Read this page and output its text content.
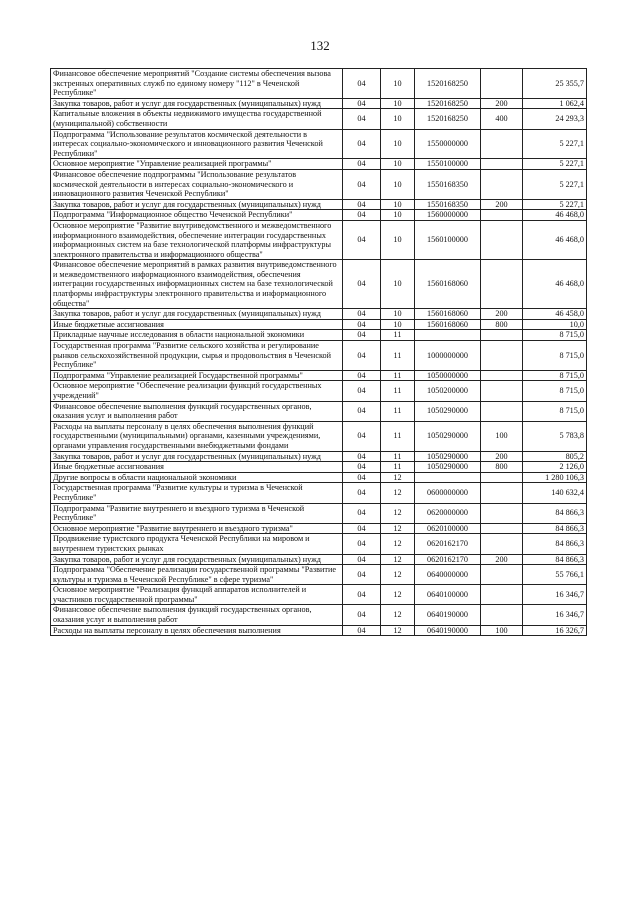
132
Финансовое обеспечение мероприятий "Создание системы обеспечения вызова экстренных оперативных служб по единому номеру "112" в Чеченской Республике"	04	10	1520168250		25 355,7
Закупка товаров, работ и услуг для государственных (муниципальных) нужд	04	10	1520168250	200	1 062,4
Капитальные вложения в объекты недвижимого имущества государственной (муниципальной) собственности	04	10	1520168250	400	24 293,3
Подпрограмма "Использование результатов космической деятельности в интересах социально-экономического и инновационного развития Чеченской Республики"	04	10	1550000000		5 227,1
Основное мероприятие "Управление реализацией программы"	04	10	1550100000		5 227,1
Финансовое обеспечение подпрограммы "Использование результатов космической деятельности в интересах социально-экономического и инновационного развития Чеченской Республики"	04	10	1550168350		5 227,1
Закупка товаров, работ и услуг для государственных (муниципальных) нужд	04	10	1550168350	200	5 227,1
Подпрограмма "Информационное общество Чеченской Республики"	04	10	1560000000		46 468,0
Основное мероприятие "Развитие внутриведомственного и межведомственного информационного взаимодействия, обеспечение интеграции государственных информационных систем на базе технологической платформы инфраструктуры электронного правительства и информационного общества"	04	10	1560100000		46 468,0
Финансовое обеспечение мероприятий в рамках развития внутриведомственного и межведомственного информационного взаимодействия, обеспечения интеграции государственных информационных систем на базе технологической платформы инфраструктуры электронного правительства и информационного общества"	04	10	1560168060		46 468,0
Закупка товаров, работ и услуг для государственных (муниципальных) нужд	04	10	1560168060	200	46 458,0
Иные бюджетные ассигнования	04	10	1560168060	800	10,0
Прикладные научные исследования в области национальной экономики	04	11			8 715,0
Государственная программа "Развитие сельского хозяйства и регулирование рынков сельскохозяйственной продукции, сырья и продовольствия в Чеченской Республике"	04	11	1000000000		8 715,0
Подпрограмма "Управление реализацией Государственной программы"	04	11	1050000000		8 715,0
Основное мероприятие "Обеспечение реализации функций государственных учреждений"	04	11	1050200000		8 715,0
Финансовое обеспечение выполнения функций государственных органов, оказания услуг и выполнения работ	04	11	1050290000		8 715,0
Расходы на выплаты персоналу в целях обеспечения выполнения функций государственными (муниципальными) органами, казенными учреждениями, органами управления государственными внебюджетными фондами	04	11	1050290000	100	5 783,8
Закупка товаров, работ и услуг для государственных (муниципальных) нужд	04	11	1050290000	200	805,2
Иные бюджетные ассигнования	04	11	1050290000	800	2 126,0
Другие вопросы в области национальной экономики	04	12			1 280 106,3
Государственная программа "Развитие культуры и туризма в Чеченской Республике"	04	12	0600000000		140 632,4
Подпрограмма "Развитие внутреннего и въездного туризма в Чеченской Республике"	04	12	0620000000		84 866,3
Основное мероприятие "Развитие внутреннего и въездного туризма"	04	12	0620100000		84 866,3
Продвижение туристского продукта Чеченской Республики на мировом и внутреннем туристских рынках	04	12	0620162170		84 866,3
Закупка товаров, работ и услуг для государственных (муниципальных) нужд	04	12	0620162170	200	84 866,3
Подпрограмма "Обеспечение реализации государственной программы "Развитие культуры и туризма в Чеченской Республике" в сфере туризма"	04	12	0640000000		55 766,1
Основное мероприятие "Реализация функций аппаратов исполнителей и участников государственной программы"	04	12	0640100000		16 346,7
Финансовое обеспечение выполнения функций государственных органов, оказания услуг и выполнения работ	04	12	0640190000		16 346,7
Расходы на выплаты персоналу в целях обеспечения выполнения	04	12	0640190000	100	16 326,7
